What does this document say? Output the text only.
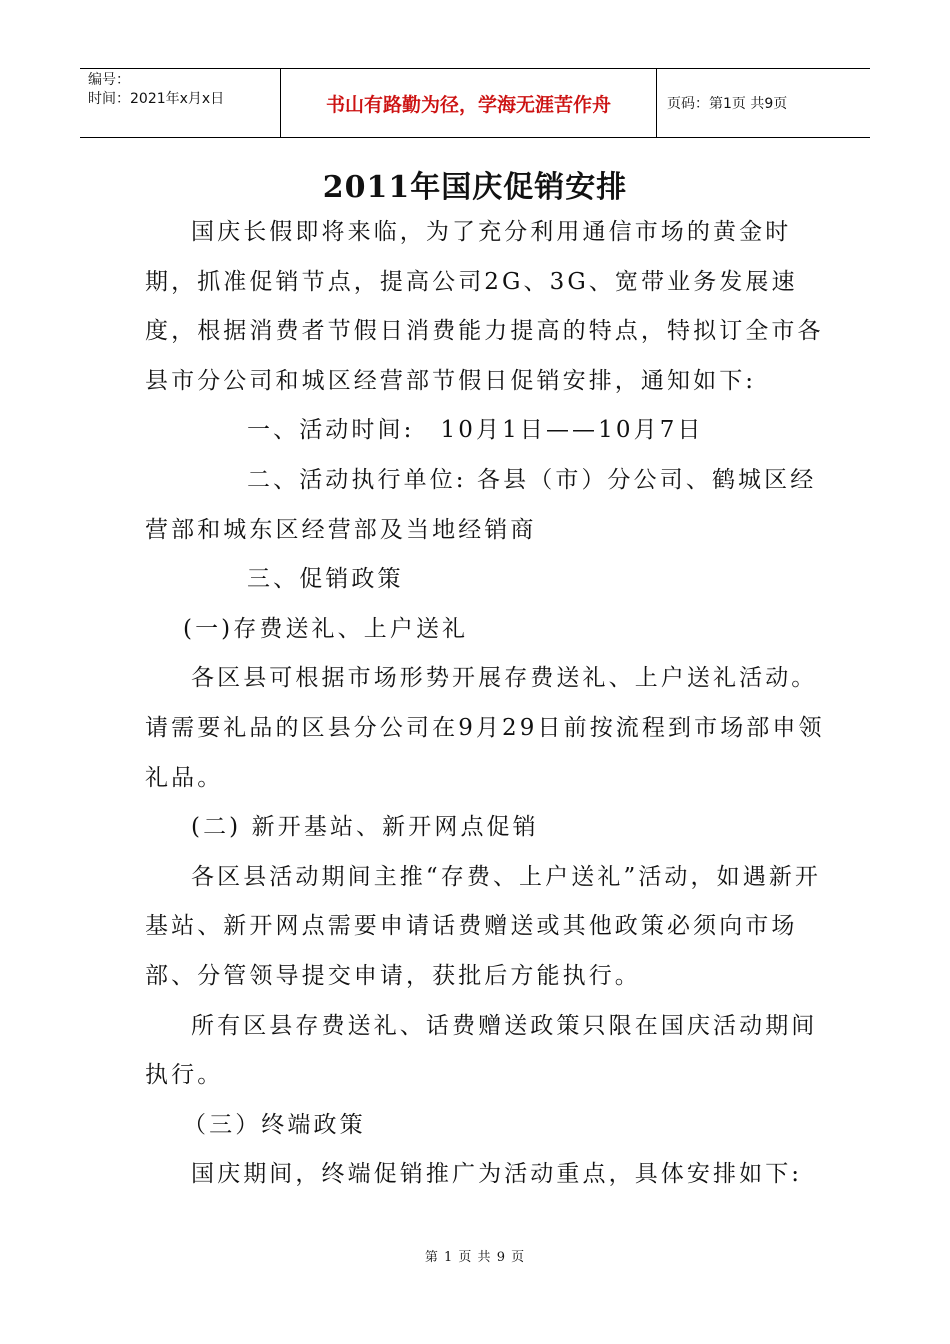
编号：
时间：2021年x月x日	书山有路勤为径，学海无涯苦作舟	页码：第1页 共9页
2011年国庆促销安排

国庆长假即将来临，为了充分利用通信市场的黄金时期，抓准促销节点，提高公司2G、3G、宽带业务发展速度，根据消费者节假日消费能力提高的特点，特拟订全市各县市分公司和城区经营部节假日促销安排，通知如下:

一、活动时间:　10月1日——10月7日

二、活动执行单位: 各县（市）分公司、鹤城区经营部和城东区经营部及当地经销商

三、促销政策

(一)存费送礼、上户送礼

各区县可根据市场形势开展存费送礼、上户送礼活动。请需要礼品的区县分公司在9月29日前按流程到市场部申领礼品。

(二) 新开基站、新开网点促销

各区县活动期间主推“存费、上户送礼”活动，如遇新开基站、新开网点需要申请话费赠送或其他政策必须向市场部、分管领导提交申请，获批后方能执行。

所有区县存费送礼、话费赠送政策只限在国庆活动期间执行。

（三）终端政策

国庆期间，终端促销推广为活动重点，具体安排如下:

第 1 页 共 9 页
